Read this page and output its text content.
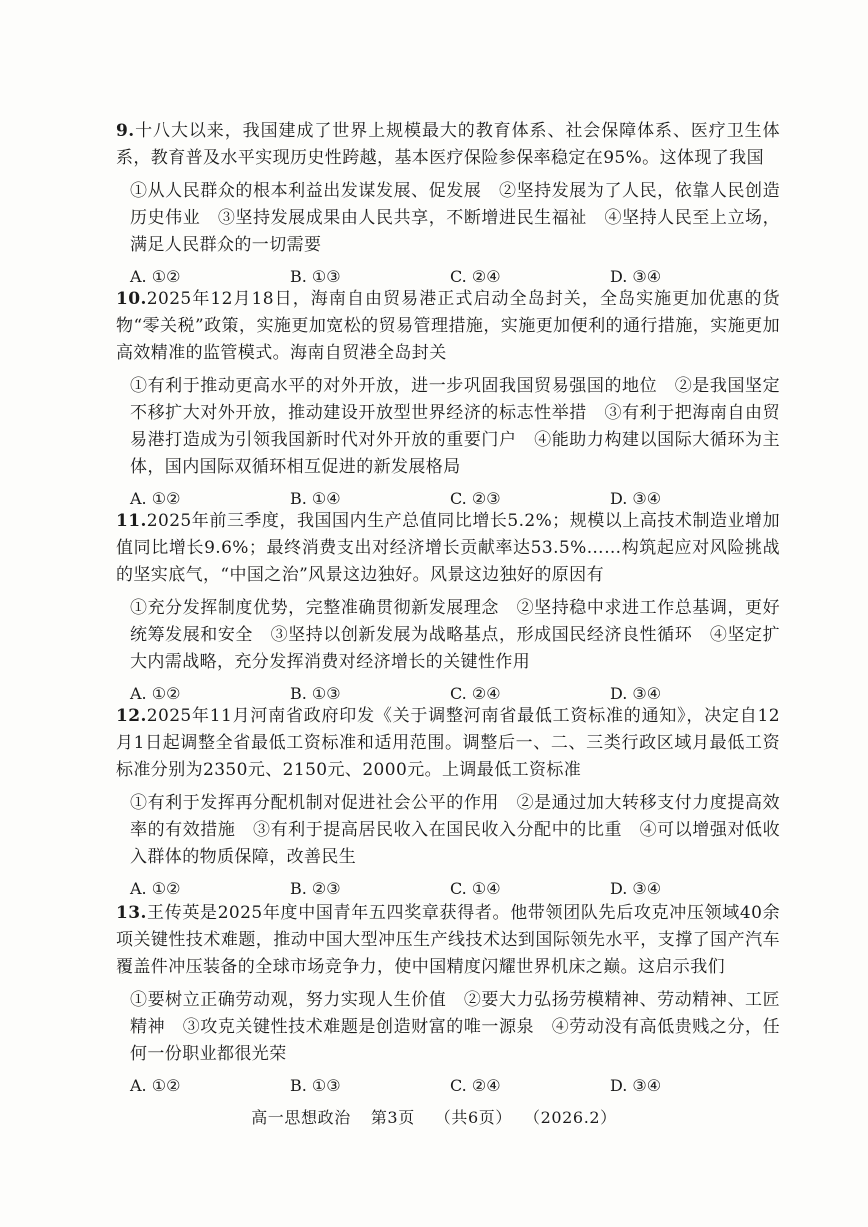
9.十八大以来，我国建成了世界上规模最大的教育体系、社会保障体系、医疗卫生体系，教育普及水平实现历史性跨越，基本医疗保险参保率稳定在95%。这体现了我国
①从人民群众的根本利益出发谋发展、促发展　②坚持发展为了人民，依靠人民创造历史伟业　③坚持发展成果由人民共享，不断增进民生福祉　④坚持人民至上立场，满足人民群众的一切需要
A. ①②	B. ①③	C. ②④	D. ③④
10.2025年12月18日，海南自由贸易港正式启动全岛封关，全岛实施更加优惠的货物“零关税”政策，实施更加宽松的贸易管理措施，实施更加便利的通行措施，实施更加高效精准的监管模式。海南自贸港全岛封关
①有利于推动更高水平的对外开放，进一步巩固我国贸易强国的地位　②是我国坚定不移扩大对外开放，推动建设开放型世界经济的标志性举措　③有利于把海南自由贸易港打造成为引领我国新时代对外开放的重要门户　④能助力构建以国际大循环为主体，国内国际双循环相互促进的新发展格局
A. ①②	B. ①④	C. ②③	D. ③④
11.2025年前三季度，我国国内生产总值同比增长5.2%；规模以上高技术制造业增加值同比增长9.6%；最终消费支出对经济增长贡献率达53.5%……构筑起应对风险挑战的坚实底气，“中国之治”风景这边独好。风景这边独好的原因有
①充分发挥制度优势，完整准确贯彻新发展理念　②坚持稳中求进工作总基调，更好统筹发展和安全　③坚持以创新发展为战略基点，形成国民经济良性循环　④坚定扩大内需战略，充分发挥消费对经济增长的关键性作用
A. ①②	B. ①③	C. ②④	D. ③④
12.2025年11月河南省政府印发《关于调整河南省最低工资标准的通知》，决定自12月1日起调整全省最低工资标准和适用范围。调整后一、二、三类行政区域月最低工资标准分别为2350元、2150元、2000元。上调最低工资标准
①有利于发挥再分配机制对促进社会公平的作用　②是通过加大转移支付力度提高效率的有效措施　③有利于提高居民收入在国民收入分配中的比重　④可以增强对低收入群体的物质保障，改善民生
A. ①②	B. ②③	C. ①④	D. ③④
13.王传英是2025年度中国青年五四奖章获得者。他带领团队先后攻克冲压领域40余项关键性技术难题，推动中国大型冲压生产线技术达到国际领先水平，支撑了国产汽车覆盖件冲压装备的全球市场竞争力，使中国精度闪耀世界机床之巅。这启示我们
①要树立正确劳动观，努力实现人生价值　②要大力弘扬劳模精神、劳动精神、工匠精神　③攻克关键性技术难题是创造财富的唯一源泉　④劳动没有高低贵贱之分，任何一份职业都很光荣
A. ①②	B. ①③	C. ②④	D. ③④
高一思想政治 第3页 （共6页） （2026.2）
